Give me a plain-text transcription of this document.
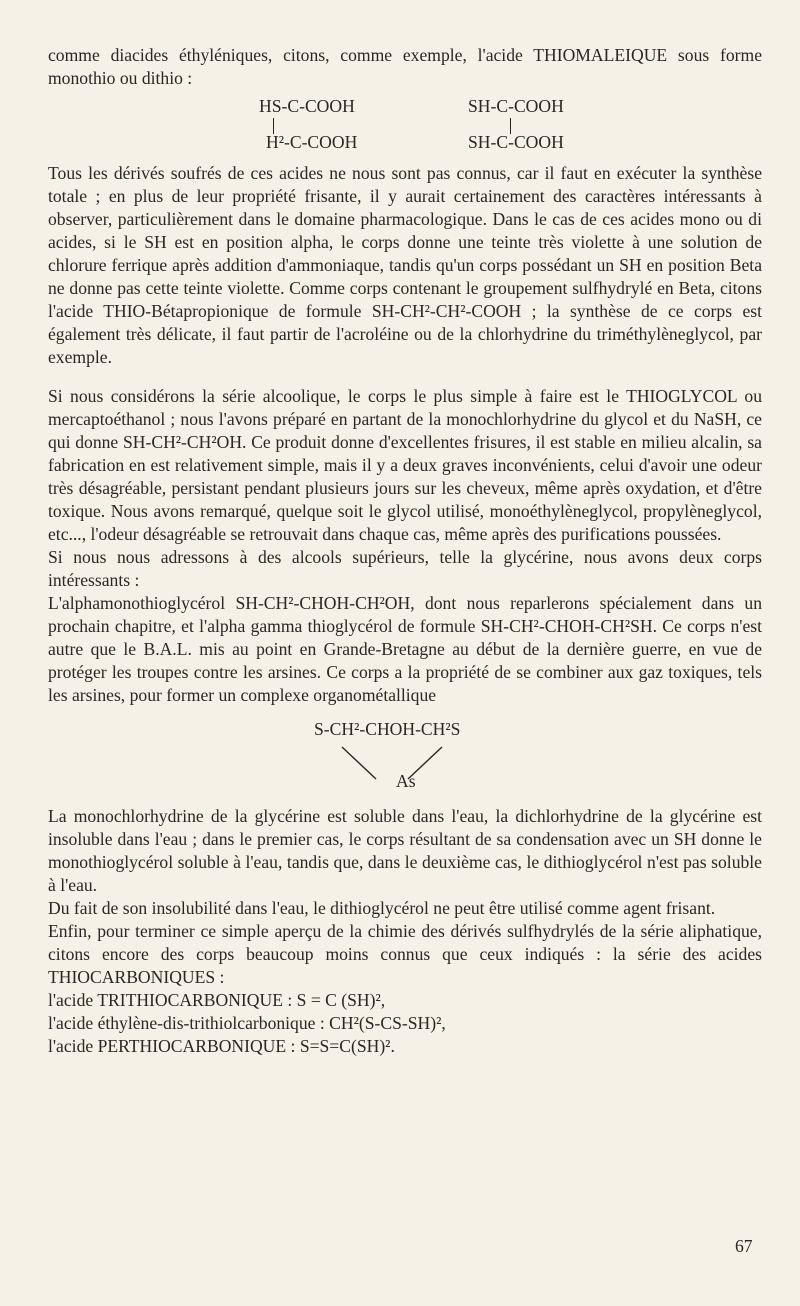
comme diacides éthyléniques, citons, comme exemple, l'acide THIOMALEIQUE sous forme monothio ou dithio :

HS-C-COOH
H²-C-COOH
SH-C-COOH
SH-C-COOH

Tous les dérivés soufrés de ces acides ne nous sont pas connus, car il faut en exécuter la synthèse totale ; en plus de leur propriété frisante, il y aurait certainement des caractères intéressants à observer, particulièrement dans le domaine pharmacologique. Dans le cas de ces acides mono ou di acides, si le SH est en position alpha, le corps donne une teinte très violette à une solution de chlorure ferrique après addition d'ammoniaque, tandis qu'un corps possédant un SH en position Beta ne donne pas cette teinte violette. Comme corps contenant le groupement sulfhydrylé en Beta, citons l'acide THIO-Bétapropionique de formule SH-CH²-CH²-COOH ; la synthèse de ce corps est également très délicate, il faut partir de l'acroléine ou de la chlorhydrine du triméthylèneglycol, par exemple.

Si nous considérons la série alcoolique, le corps le plus simple à faire est le THIOGLYCOL ou mercaptoéthanol ; nous l'avons préparé en partant de la monochlorhydrine du glycol et du NaSH, ce qui donne SH-CH²-CH²OH. Ce produit donne d'excellentes frisures, il est stable en milieu alcalin, sa fabrication en est relativement simple, mais il y a deux graves inconvénients, celui d'avoir une odeur très désagréable, persistant pendant plusieurs jours sur les cheveux, même après oxydation, et d'être toxique. Nous avons remarqué, quelque soit le glycol utilisé, monoéthylèneglycol, propylèneglycol, etc..., l'odeur désagréable se retrouvait dans chaque cas, même après des purifications poussées.

Si nous nous adressons à des alcools supérieurs, telle la glycérine, nous avons deux corps intéressants :

L'alphamonothioglycérol SH-CH²-CHOH-CH²OH, dont nous reparlerons spécialement dans un prochain chapitre, et l'alpha gamma thioglycérol de formule SH-CH²-CHOH-CH²SH. Ce corps n'est autre que le B.A.L. mis au point en Grande-Bretagne au début de la dernière guerre, en vue de protéger les troupes contre les arsines. Ce corps a la propriété de se combiner aux gaz toxiques, tels les arsines, pour former un complexe organométallique

S-CH²-CHOH-CH²S
As

La monochlorhydrine de la glycérine est soluble dans l'eau, la dichlorhydrine de la glycérine est insoluble dans l'eau ; dans le premier cas, le corps résultant de sa condensation avec un SH donne le monothioglycérol soluble à l'eau, tandis que, dans le deuxième cas, le dithioglycérol n'est pas soluble à l'eau.

Du fait de son insolubilité dans l'eau, le dithioglycérol ne peut être utilisé comme agent frisant.

Enfin, pour terminer ce simple aperçu de la chimie des dérivés sulfhydrylés de la série aliphatique, citons encore des corps beaucoup moins connus que ceux indiqués : la série des acides THIOCARBONIQUES :

l'acide TRITHIOCARBONIQUE : S = C (SH)²,

l'acide éthylène-dis-trithiolcarbonique : CH²(S-CS-SH)²,

l'acide PERTHIOCARBONIQUE : S=S=C(SH)².

67
